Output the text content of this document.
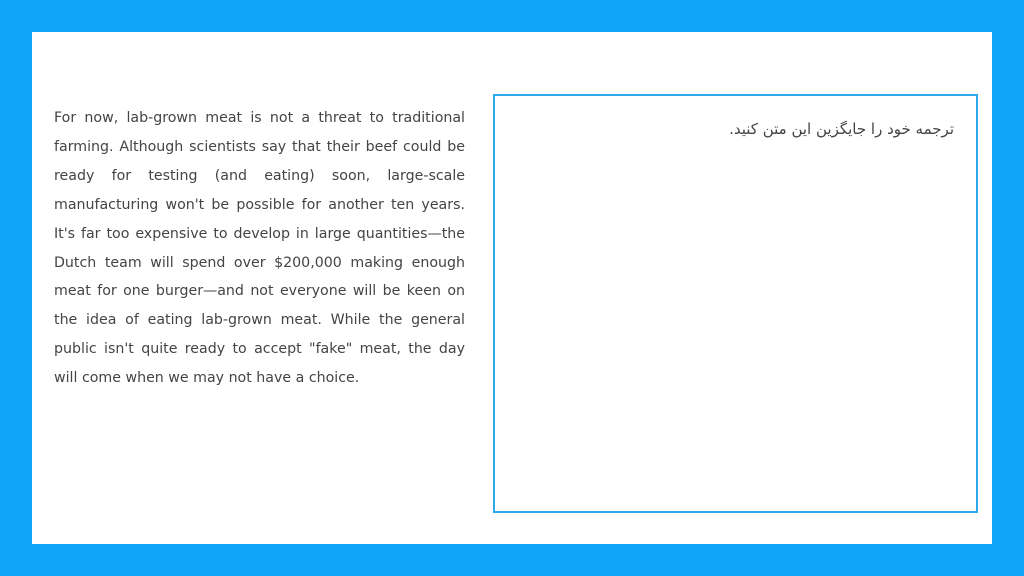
For now, lab-grown meat is not a threat to traditional farming. Although scientists say that their beef could be ready for testing (and eating) soon, large-scale manufacturing won't be possible for another ten years. It's far too expensive to develop in large quantities—the Dutch team will spend over $200,000 making enough meat for one burger—and not everyone will be keen on the idea of eating lab-grown meat. While the general public isn't quite ready to accept "fake" meat, the day will come when we may not have a choice.

ترجمه خود را جایگزین این متن کنید.
